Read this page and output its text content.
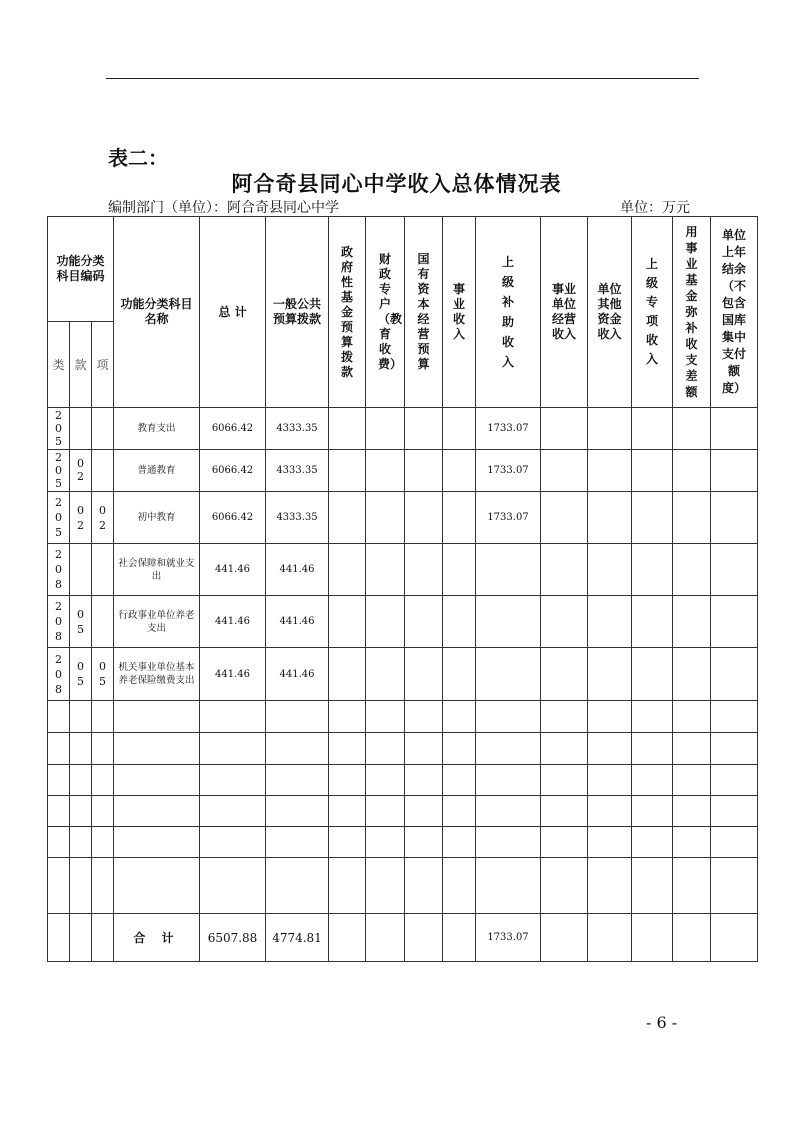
表二：
阿合奇县同心中学收入总体情况表
编制部门（单位）：阿合奇县同心中学	单位：万元
功能分类科目编码			功能分类科目名称	总 计	一般公共预算拨款	政府性基金预算拨款	财政专户（教育收费）	国有资本经营预算	事业收入	上级补助收入	事业单位经营收入	单位其他资金收入	上级专项收入	用事业基金弥补收支差额	单位上年结余（不包含国库集中支付额度）

类	款	项													
205			教育支出	6066.42	4333.35					1733.07					
205	02		普通教育	6066.42	4333.35					1733.07					
205	02	02	初中教育	6066.42	4333.35					1733.07					
208			社会保障和就业支出	441.46	441.46										
208	05		行政事业单位养老支出	441.46	441.46										
208	05	05	机关事业单位基本养老保险缴费支出	441.46	441.46										

			合 计	6507.88	4774.81					1733.07					
- 6 -
